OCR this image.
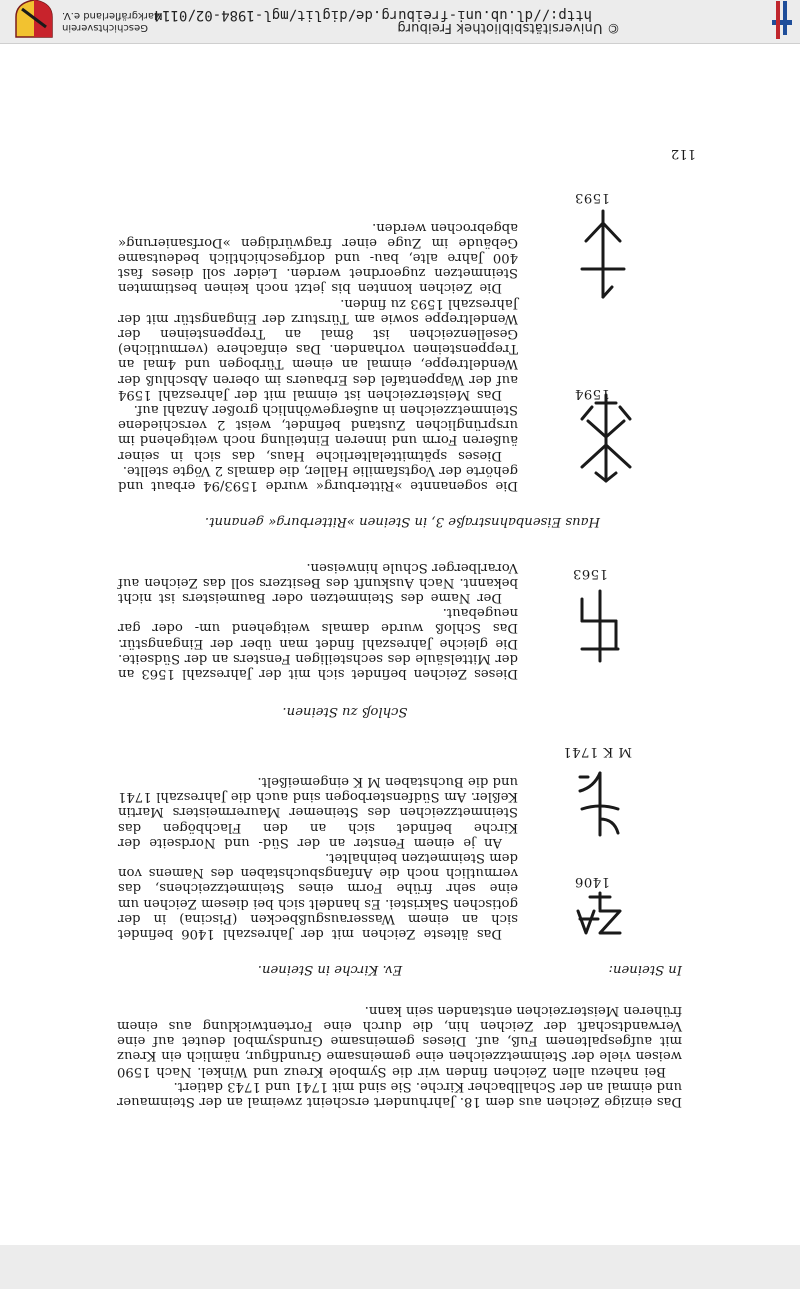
Das einzige Zeichen aus dem 18. Jahrhundert erscheint zweimal an der Steinmauer und einmal an der Schallbacher Kirche. Sie sind mit 1741 und 1743 datiert.

Bei nahezu allen Zeichen finden wir die Symbole Kreuz und Winkel. Nach 1590 weisen viele der Steinmetzzeichen eine gemeinsame Grundfigur, nämlich ein Kreuz mit aufgespaltenem Fuß, auf. Dieses gemeinsame Grundsymbol deutet auf eine Verwandtschaft der Zeichen hin, die durch eine Fortentwicklung aus einem früheren Meisterzeichen entstanden sein kann.

In Steinen:
Ev. Kirche in Steinen.
1406

Das älteste Zeichen mit der Jahreszahl 1406 befindet sich an einem Wasserausgußbecken (Piscina) in der gotischen Sakristei. Es handelt sich bei diesem Zeichen um eine sehr frühe Form eines Steinmetzzeichens, das vermutlich noch die Anfangsbuchstaben des Namens von dem Steinmetzen beinhaltet.

An je einem Fenster an der Süd- und Nordseite der Kirche befindet sich an den Flachbögen das Steinmetzzeichen des Steinemer Maurermeisters Martin Keßler. Am Südfensterbogen sind auch die Jahreszahl 1741 und die Buchstaben M K eingemeißelt.

M K 1741
Schloß zu Steinen.
1563

Dieses Zeichen befindet sich mit der Jahreszahl 1563 an der Mittelsäule des sechsteiligen Fensters an der Südseite. Die gleiche Jahreszahl findet man über der Eingangstür. Das Schloß wurde damals weitgehend um- oder gar neugebaut.

Der Name des Steinmetzen oder Baumeisters ist nicht bekannt. Nach Auskunft des Besitzers soll das Zeichen auf Vorarlberger Schule hinweisen.

Haus Eisenbahnstraße 3, in Steinen »Ritterburg« genannt.
1594

Die sogenannte »Ritterburg« wurde 1593/94 erbaut und gehörte der Vogtsfamilie Haller, die damals 2 Vögte stellte.

Dieses spätmittelalterliche Haus, das sich in seiner äußeren Form und inneren Einteilung noch weitgehend im ursprünglichen Zustand befindet, weist 2 verschiedene Steinmetzzeichen in außergewöhnlich großer Anzahl auf.

Das Meisterzeichen ist einmal mit der Jahreszahl 1594 auf der Wappentafel des Erbauers im oberen Abschluß der Wendeltreppe, einmal an einem Türbogen und 4mal an Treppensteinen vorhanden. Das einfachere (vermutliche) Gesellenzeichen ist 8mal an Treppensteinen der Wendeltreppe sowie am Türsturz der Eingangstür mit der Jahreszahl 1593 zu finden.

Die Zeichen konnten bis jetzt noch keinen bestimmten Steinmetzen zugeordnet werden. Leider soll dieses fast 400 Jahre alte, bau- und dorfgeschichtlich bedeutsame Gebäude im Zuge einer fragwürdigen »Dorfsanierung« abgebrochen werden.

1593
112
Geschichtsverein
Markgräflerland e.V.
© Universitätsbibliothek Freiburg
http://dl.ub.uni-freiburg.de/diglit/mgl-1984-02/0114
